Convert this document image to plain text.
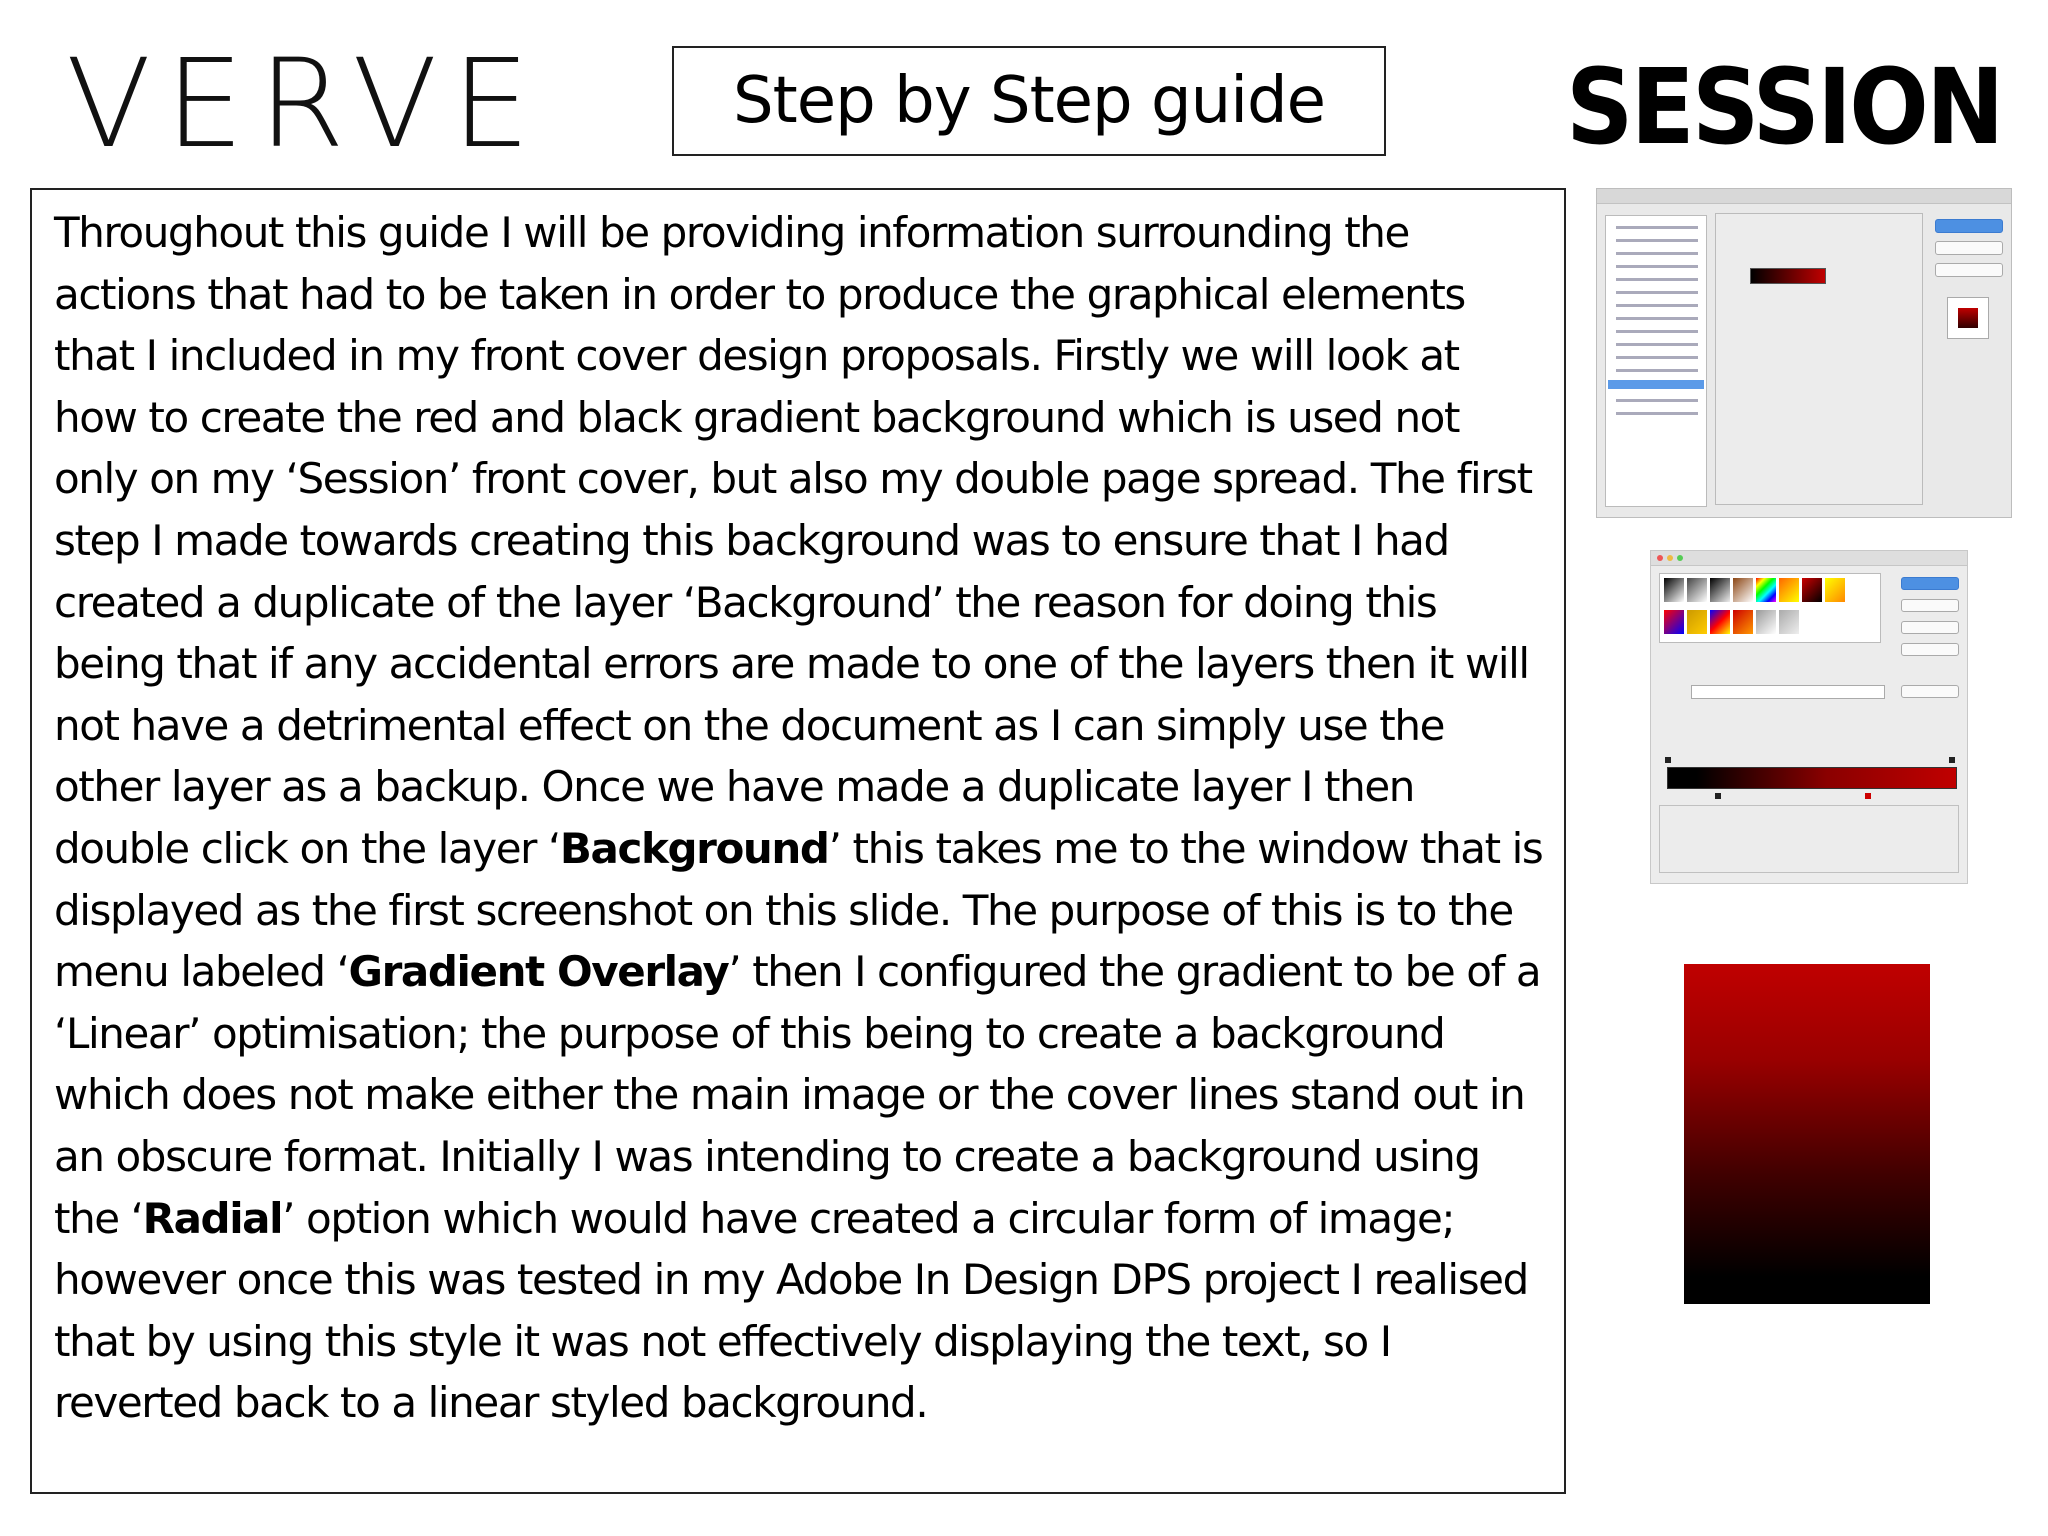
VERVE	Step by Step guide	SESSION

Throughout this guide I will be providing information surrounding the actions that had to be taken in order to produce the graphical elements that I included in my front cover design proposals. Firstly we will look at how to create the red and black gradient background which is used not only on my ‘Session’ front cover, but also my double page spread. The first step I made towards creating this background was to ensure that I had created a duplicate of the layer ‘Background’ the reason for doing this being that if any accidental errors are made to one of the layers then it will not have a detrimental effect on the document as I can simply use the other layer as a backup. Once we have made a duplicate layer I then double click on the layer ‘Background’ this takes me to the window that is displayed as the first screenshot on this slide. The purpose of this is to the menu labeled ‘Gradient Overlay’ then I configured the gradient to be of a ‘Linear’ optimisation; the purpose of this being to create a background which does not make either the main image or the cover lines stand out in an obscure format. Initially I was intending to create a background using the ‘Radial’ option which would have created a circular form of image; however once this was tested in my Adobe In Design DPS project I realised that by using this style it was not effectively displaying the text, so I reverted back to a linear styled background.
